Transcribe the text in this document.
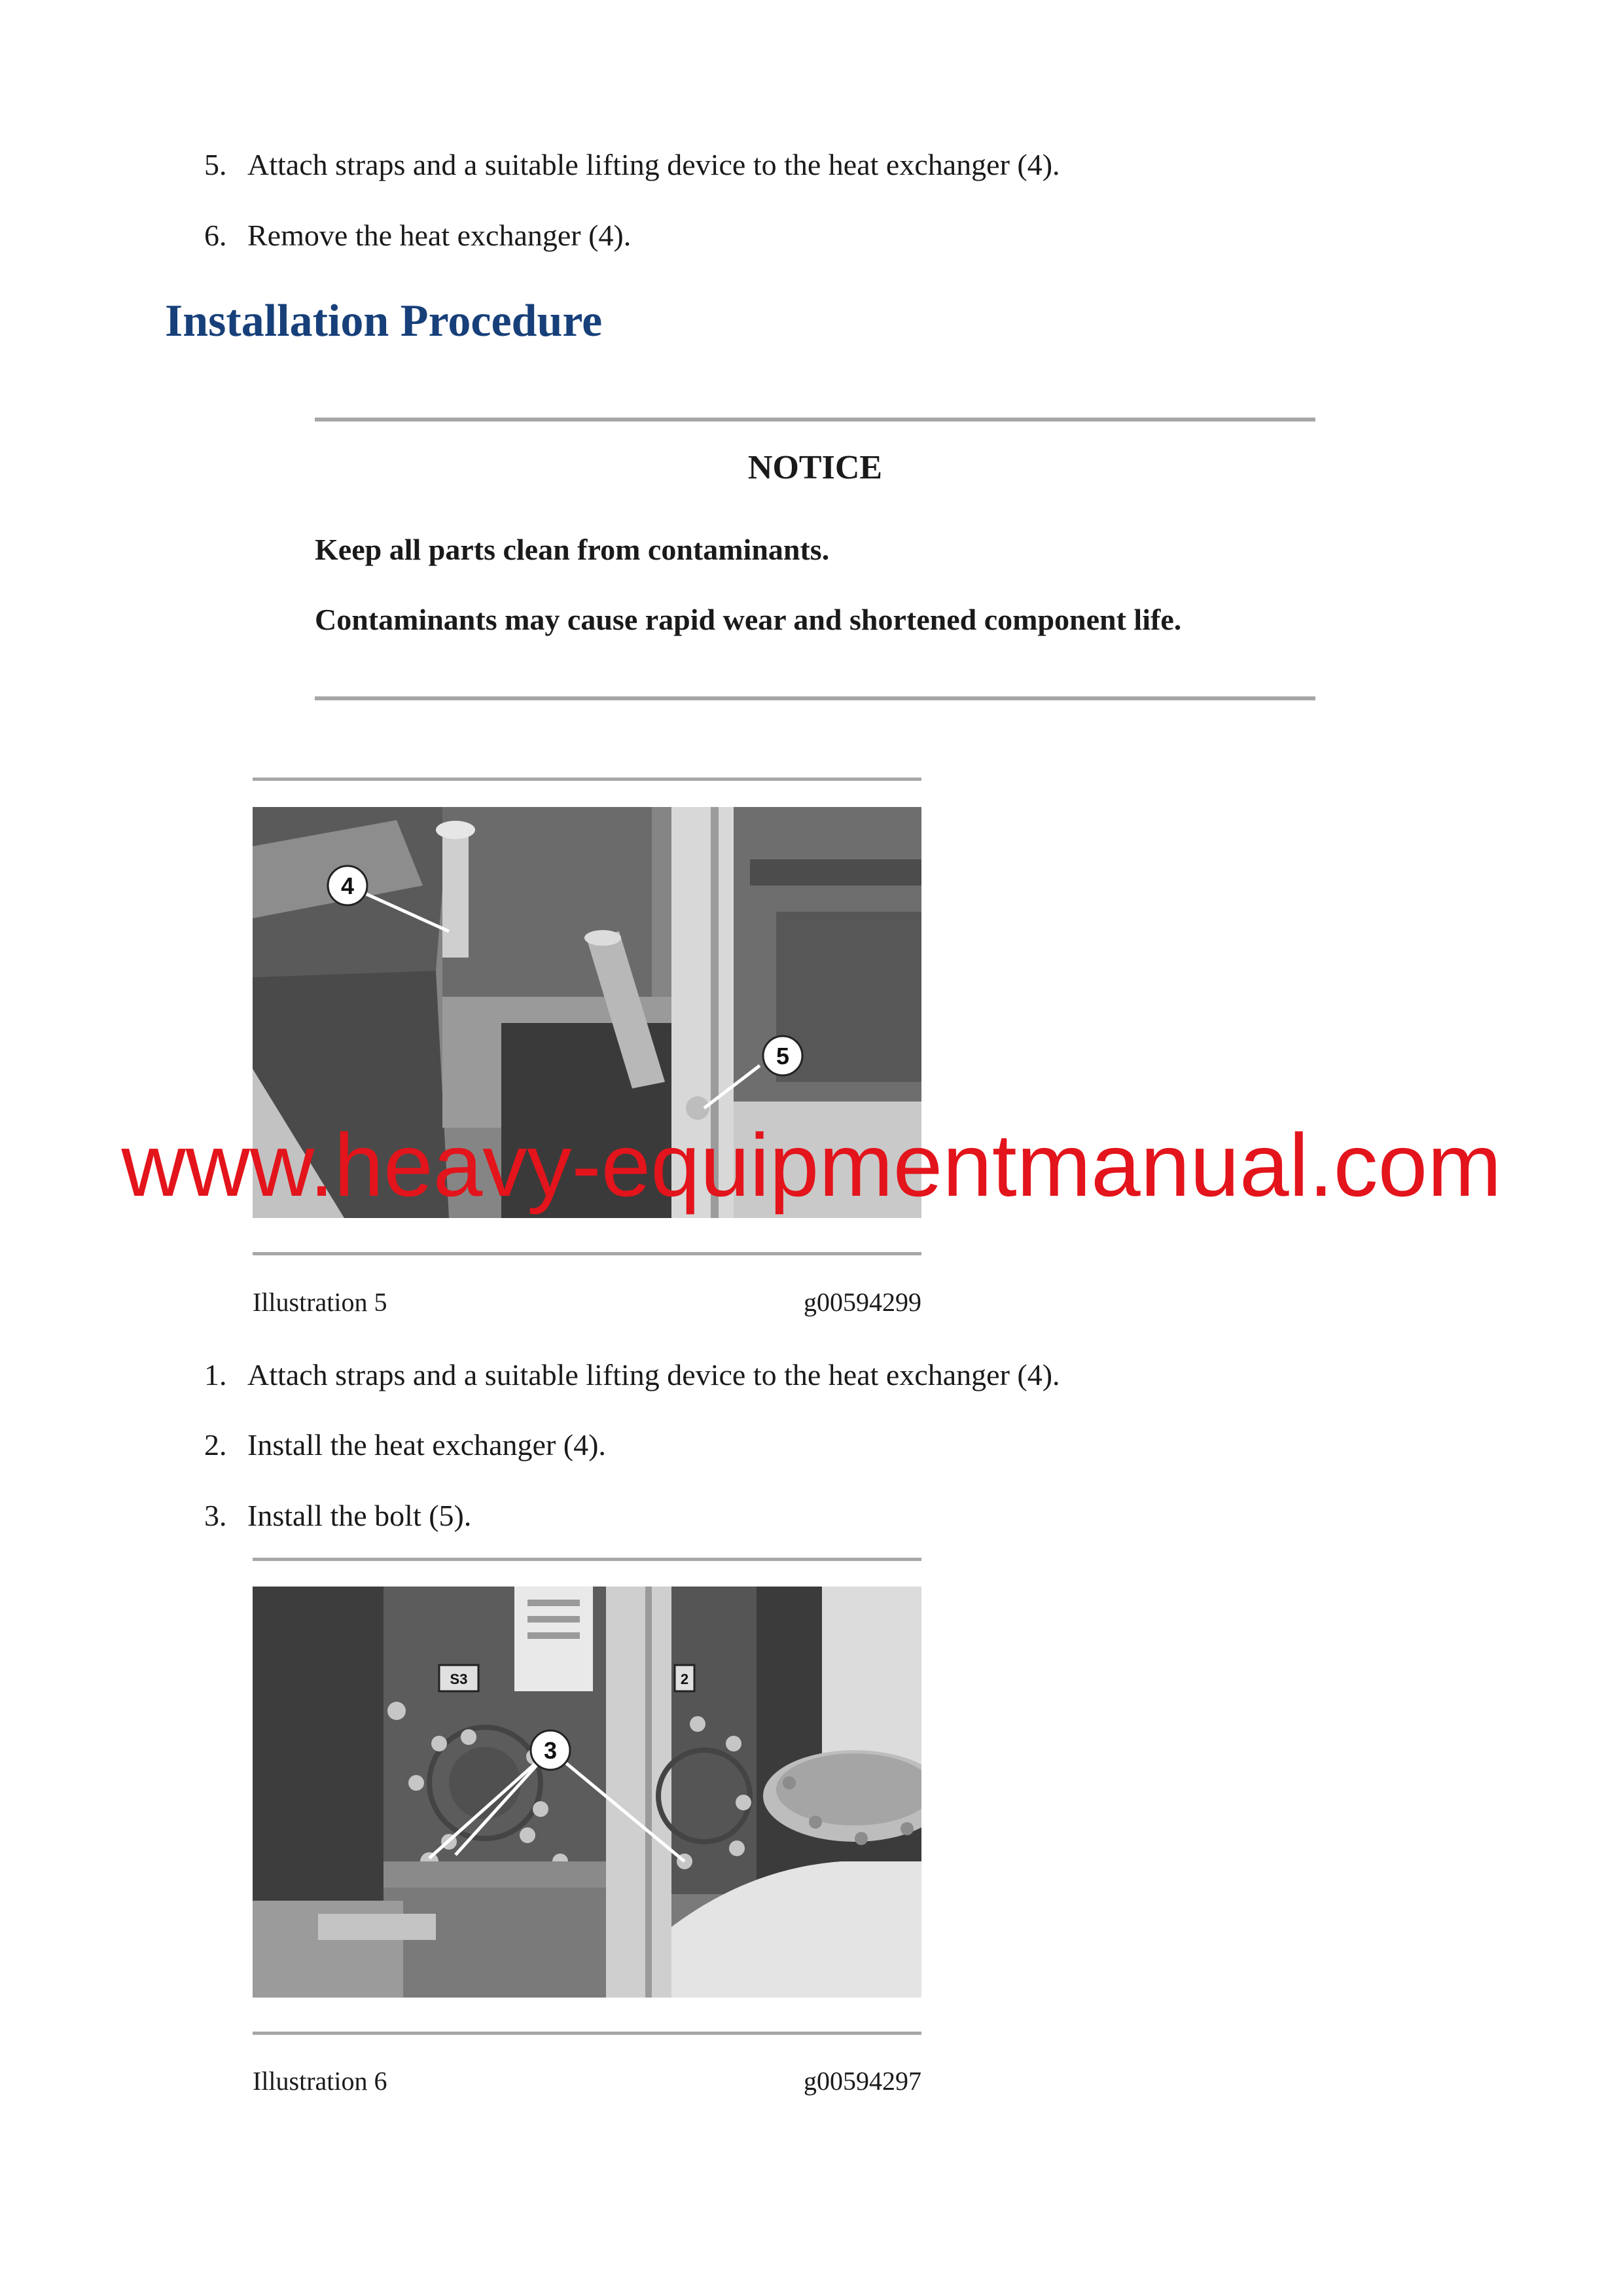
5. Attach straps and a suitable lifting device to the heat exchanger (4).
6. Remove the heat exchanger (4).
Installation Procedure
NOTICE
Keep all parts clean from contaminants.
Contaminants may cause rapid wear and shortened component life.
4
5
Illustration 5	g00594299
1. Attach straps and a suitable lifting device to the heat exchanger (4).
2. Install the heat exchanger (4).
3. Install the bolt (5).
S3	2
3
Illustration 6	g00594297
www.heavy-equipmentmanual.com
